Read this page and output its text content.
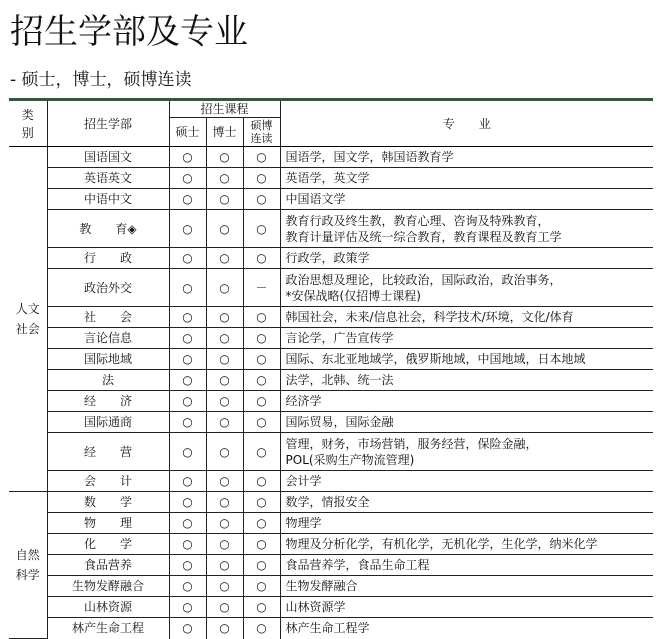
招生学部及专业
- 硕士，博士，硕博连读
类别	招生学部	招生课程			专　　业
		硕士	博士	硕博连读	
人文社会	国语国文	○	○	○	国语学，国文学，韩国语教育学

	英语英文	○	○	○	英语学，英文学

	中语中文	○	○	○	中国语文学

	教　　育◈	○	○	○	教育行政及终生教，教育心理、咨询及特殊教育，
教育计量评估及统一综合教育，教育课程及教育工学

	行　　政	○	○	○	行政学，政策学

	政治外交	○	○	－	政治思想及理论，比较政治，国际政治，政治事务，
*安保战略(仅招博士课程)

	社　　会	○	○	○	韩国社会，未来/信息社会，科学技术/环境，文化/体育

	言论信息	○	○	○	言论学，广告宣传学

	国际地域	○	○	○	国际、东北亚地域学，俄罗斯地域，中国地域，日本地域

	法	○	○	○	法学，北韩、统一法

	经　　济	○	○	○	经济学

	国际通商	○	○	○	国际贸易，国际金融

	经　　营	○	○	○	管理，财务，市场营销，服务经营，保险金融，
POL(采购生产物流管理)

	会　　计	○	○	○	会计学

自然科学	数　　学	○	○	○	数学，情报安全

	物　　理	○	○	○	物理学

	化　　学	○	○	○	物理及分析化学，有机化学，无机化学，生化学，纳米化学

	食品营养	○	○	○	食品营养学，食品生命工程

	生物发酵融合	○	○	○	生物发酵融合

	山林资源	○	○	○	山林资源学

	林产生命工程	○	○	○	林产生命工程学
